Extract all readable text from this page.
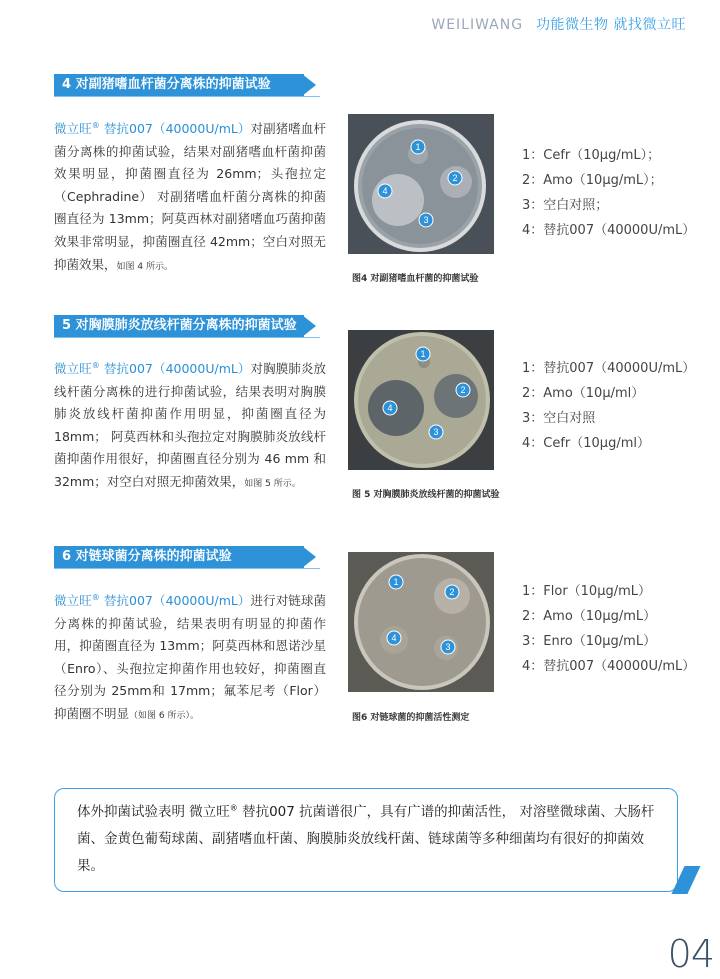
WEILIWANG 功能微生物 就找微立旺
4 对副猪嗜血杆菌分离株的抑菌试验
微立旺® 替抗007（40000U/mL）对副猪嗜血杆菌分离株的抑菌试验，结果对副猪嗜血杆菌抑菌效果明显，抑菌圈直径为 26mm；头孢拉定（Cephradine） 对副猪嗜血杆菌分离株的抑菌圈直径为 13mm；阿莫西林对副猪嗜血巧菌抑菌效果非常明显，抑菌圈直径 42mm；空白对照无抑菌效果，如图 4 所示。
1
2
3
4
图4 对副猪嗜血杆菌的抑菌试验
1：Cefr（10μg/mL）；
2：Amo（10μg/mL）；
3：空白对照；
4：替抗007（40000U/mL）
5 对胸膜肺炎放线杆菌分离株的抑菌试验
微立旺® 替抗007（40000U/mL）对胸膜肺炎放线杆菌分离株的进行抑菌试验，结果表明对胸膜肺炎放线杆菌抑菌作用明显，抑菌圈直径为 18mm； 阿莫西林和头孢拉定对胸膜肺炎放线杆菌抑菌作用很好，抑菌圈直径分别为 46 mm 和 32mm；对空白对照无抑菌效果，如图 5 所示。
1
2
3
4
图 5 对胸膜肺炎放线杆菌的抑菌试验
1：替抗007（40000U/mL）
2：Amo（10μ/ml）
3：空白对照
4：Cefr（10μg/ml）
6 对链球菌分离株的抑菌试验
微立旺® 替抗007（40000U/mL）进行对链球菌分离株的抑菌试验，结果表明有明显的抑菌作用，抑菌圈直径为 13mm；阿莫西林和恩诺沙星（Enro）、头孢拉定抑菌作用也较好，抑菌圈直径分别为 25mm和 17mm；氟苯尼考（Flor）抑菌圈不明显（如图 6 所示）。
1
2
3
4
图6 对链球菌的抑菌活性测定
1：Flor（10μg/mL）
2：Amo（10μg/mL）
3：Enro（10μg/mL）
4：替抗007（40000U/mL）
体外抑菌试验表明 微立旺® 替抗007 抗菌谱很广，具有广谱的抑菌活性， 对溶壁微球菌、大肠杆菌、金黄色葡萄球菌、副猪嗜血杆菌、胸膜肺炎放线杆菌、链球菌等多种细菌均有很好的抑菌效果。
04
